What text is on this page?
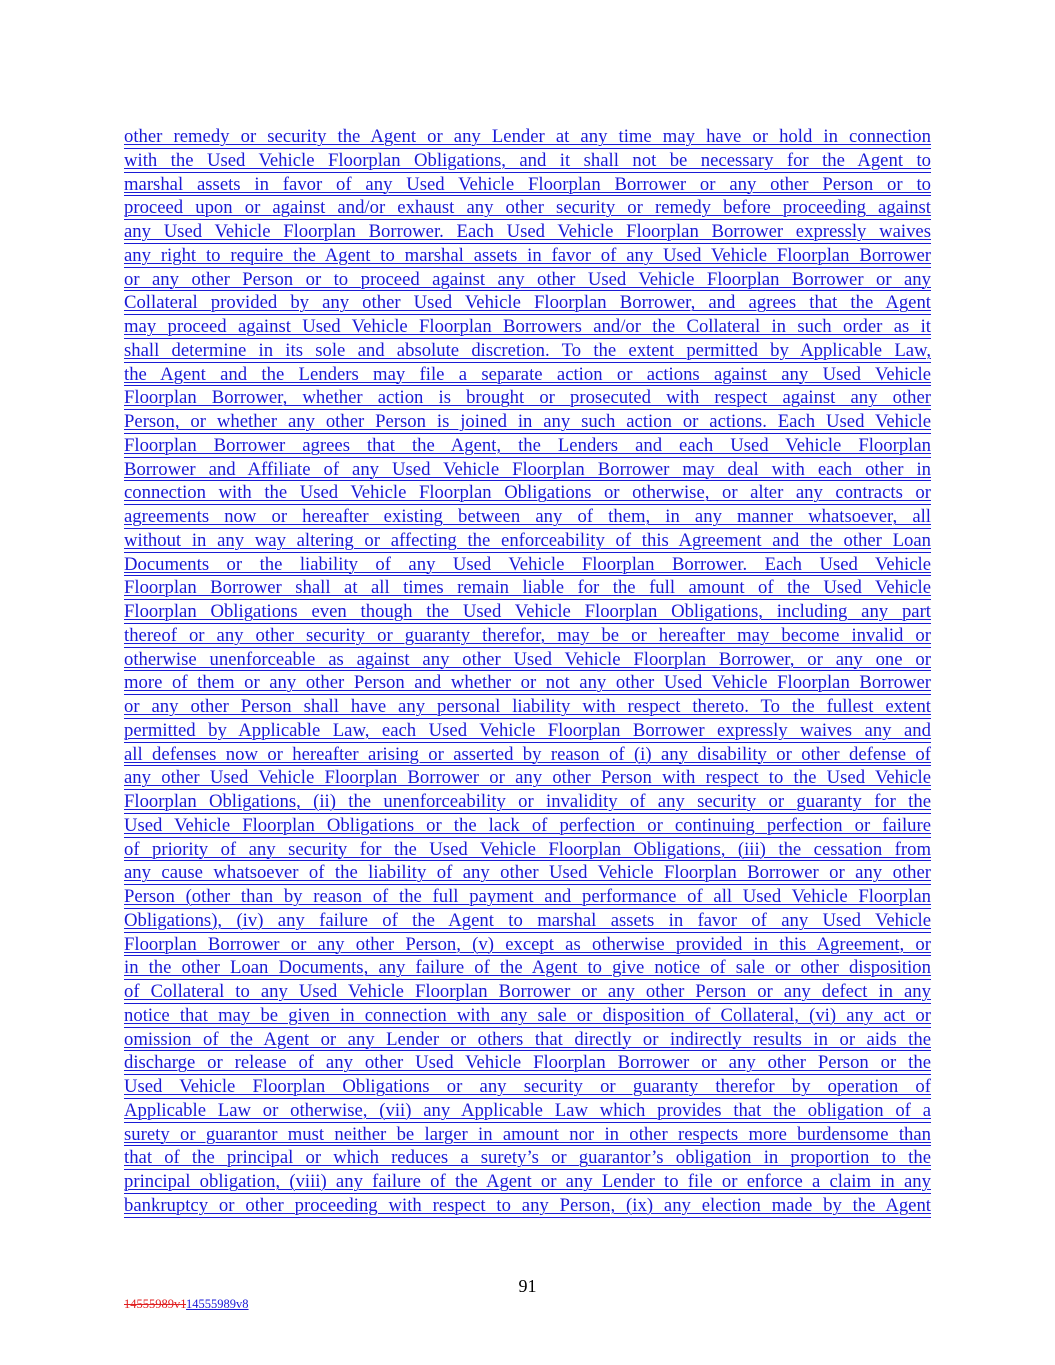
other remedy or security the Agent or any Lender at any time may have or hold in connection
with the Used Vehicle Floorplan Obligations, and it shall not be necessary for the Agent to
marshal assets in favor of any Used Vehicle Floorplan Borrower or any other Person or to
proceed upon or against and/or exhaust any other security or remedy before proceeding against
any Used Vehicle Floorplan Borrower. Each Used Vehicle Floorplan Borrower expressly waives
any right to require the Agent to marshal assets in favor of any Used Vehicle Floorplan Borrower
or any other Person or to proceed against any other Used Vehicle Floorplan Borrower or any
Collateral provided by any other Used Vehicle Floorplan Borrower, and agrees that the Agent
may proceed against Used Vehicle Floorplan Borrowers and/or the Collateral in such order as it
shall determine in its sole and absolute discretion. To the extent permitted by Applicable Law,
the Agent and the Lenders may file a separate action or actions against any Used Vehicle
Floorplan Borrower, whether action is brought or prosecuted with respect against any other
Person, or whether any other Person is joined in any such action or actions. Each Used Vehicle
Floorplan Borrower agrees that the Agent, the Lenders and each Used Vehicle Floorplan
Borrower and Affiliate of any Used Vehicle Floorplan Borrower may deal with each other in
connection with the Used Vehicle Floorplan Obligations or otherwise, or alter any contracts or
agreements now or hereafter existing between any of them, in any manner whatsoever, all
without in any way altering or affecting the enforceability of this Agreement and the other Loan
Documents or the liability of any Used Vehicle Floorplan Borrower. Each Used Vehicle
Floorplan Borrower shall at all times remain liable for the full amount of the Used Vehicle
Floorplan Obligations even though the Used Vehicle Floorplan Obligations, including any part
thereof or any other security or guaranty therefor, may be or hereafter may become invalid or
otherwise unenforceable as against any other Used Vehicle Floorplan Borrower, or any one or
more of them or any other Person and whether or not any other Used Vehicle Floorplan Borrower
or any other Person shall have any personal liability with respect thereto. To the fullest extent
permitted by Applicable Law, each Used Vehicle Floorplan Borrower expressly waives any and
all defenses now or hereafter arising or asserted by reason of (i) any disability or other defense of
any other Used Vehicle Floorplan Borrower or any other Person with respect to the Used Vehicle
Floorplan Obligations, (ii) the unenforceability or invalidity of any security or guaranty for the
Used Vehicle Floorplan Obligations or the lack of perfection or continuing perfection or failure
of priority of any security for the Used Vehicle Floorplan Obligations, (iii) the cessation from
any cause whatsoever of the liability of any other Used Vehicle Floorplan Borrower or any other
Person (other than by reason of the full payment and performance of all Used Vehicle Floorplan
Obligations), (iv) any failure of the Agent to marshal assets in favor of any Used Vehicle
Floorplan Borrower or any other Person, (v) except as otherwise provided in this Agreement, or
in the other Loan Documents, any failure of the Agent to give notice of sale or other disposition
of Collateral to any Used Vehicle Floorplan Borrower or any other Person or any defect in any
notice that may be given in connection with any sale or disposition of Collateral, (vi) any act or
omission of the Agent or any Lender or others that directly or indirectly results in or aids the
discharge or release of any other Used Vehicle Floorplan Borrower or any other Person or the
Used Vehicle Floorplan Obligations or any security or guaranty therefor by operation of
Applicable Law or otherwise, (vii) any Applicable Law which provides that the obligation of a
surety or guarantor must neither be larger in amount nor in other respects more burdensome than
that of the principal or which reduces a surety’s or guarantor’s obligation in proportion to the
principal obligation, (viii) any failure of the Agent or any Lender to file or enforce a claim in any
bankruptcy or other proceeding with respect to any Person, (ix) any election made by the Agent
91
14555989v114555989v8
